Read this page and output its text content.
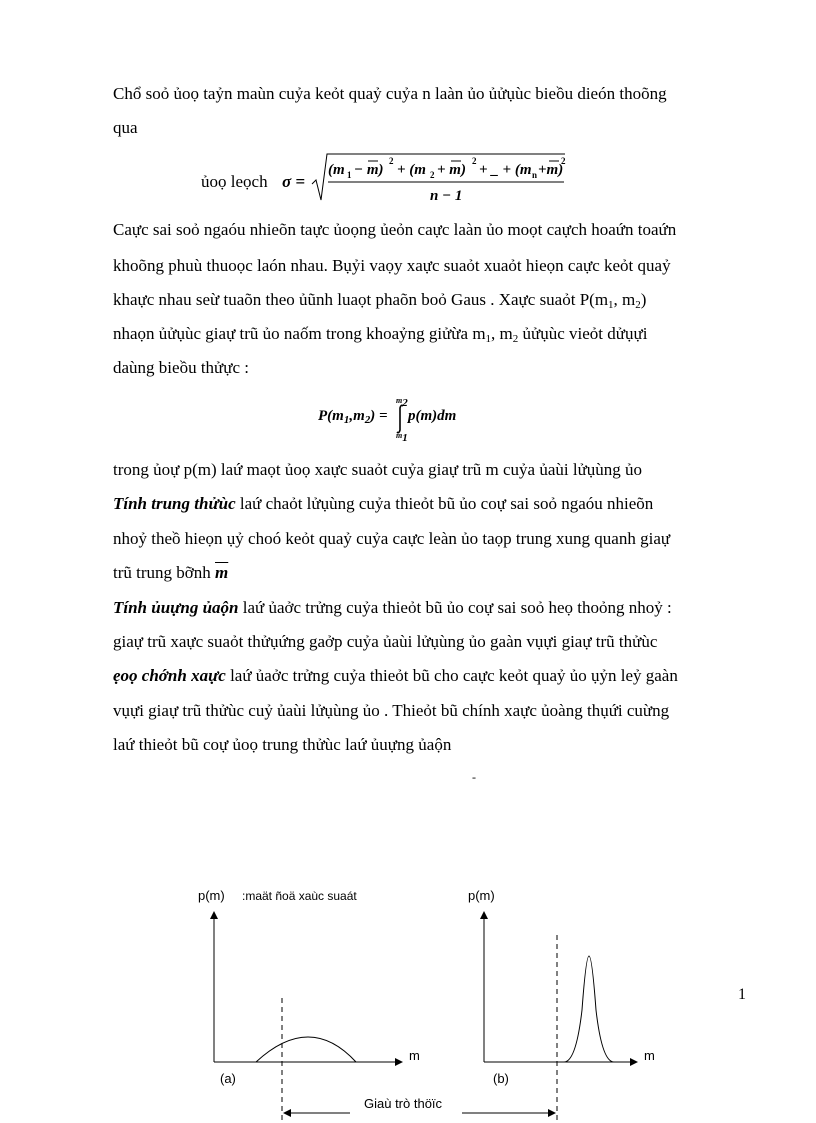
Chổ soỏ ủoọ taỷn maùn cuỷa keỏt quaỷ cuỷa n laàn ủo ủửụùc bieồu dieón thoõng
qua
ủoọ leọch σ =
(m 1 − m)
2
+ (m 2 + m)
2
+ _ + (m n +m)
2
n − 1
Caực sai soỏ ngaóu nhieõn taực ủoọng ủeỏn caực laàn ủo moọt caựch hoaứn toaứn
khoõng phuù thuoọc laón nhau. Bụỷi vaọy xaực suaỏt xuaỏt hieọn caực keỏt quaỷ
khaực nhau seừ tuaõn theo ủũnh luaọt phaõn boỏ Gaus . Xaực suaỏt $P(m_1$, $m_2$)
nhaọn ủửụùc giaự trũ ủo naốm trong khoaỷng giửừa $m_1$, $m_2$ ủửụùc vieỏt dửụựi
daùng bieồu thửực :
$P(m_1,m_2)$ =
$m_2$
$m_1$
p(m)dm
trong ủoự p(m) laứ maọt ủoọ xaực suaỏt cuỷa giaự trũ m cuỷa ủaùi lửụùng ủo
Tính trung thửùc laứ chaỏt lửụùng cuỷa thieỏt bũ ủo coự sai soỏ ngaóu nhieõn
nhoỷ theồ hieọn ụỷ choó keỏt quaỷ cuỷa caực leàn ủo taọp trung xung quanh giaự
trũ trung bỡnh $\overline{m}$
Tính ủuựng ủaộn laứ ủaởc trửng cuỷa thieỏt bũ ủo coự sai soỏ heọ thoỏng nhoỷ :
giaự trũ xaực suaỏt thửụứng gaởp cuỷa ủaùi lửụùng ủo gaàn vụựi giaự trũ thửùc
ẹoọ chớnh xaực laứ ủaởc trửng cuỷa thieỏt bũ cho caực keỏt quaỷ ủo ụỷn leỷ gaàn
vụựi giaự trũ thửùc cuỷ ủaùi lửụùng ủo . Thieỏt bũ chính xaực ủoàng thụứi cuừng
laứ thieỏt bũ coự ủoọ trung thửùc laứ ủuựng ủaộn
-
p(m) :maät ñoä xaùc suaát	p(m)
m	m
(a)	(b)
Giaù trò thöïc
1
